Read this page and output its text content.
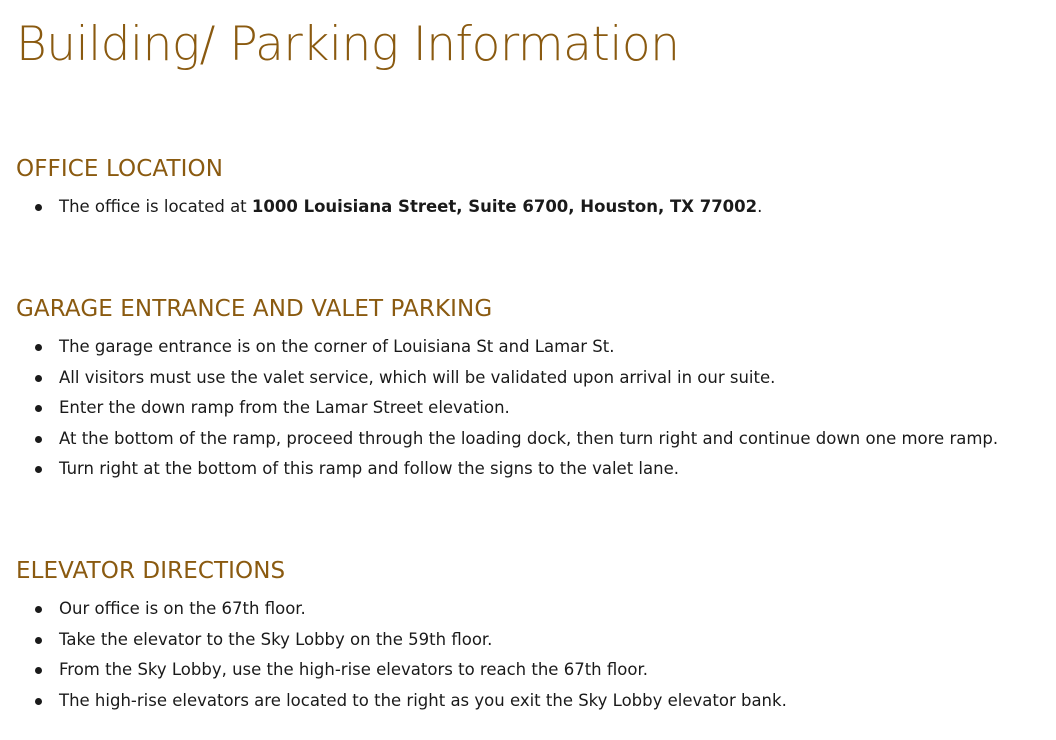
Building/ Parking Information
OFFICE LOCATION
The office is located at 1000 Louisiana Street, Suite 6700, Houston, TX 77002.
GARAGE ENTRANCE AND VALET PARKING
The garage entrance is on the corner of Louisiana St and Lamar St.
All visitors must use the valet service, which will be validated upon arrival in our suite.
Enter the down ramp from the Lamar Street elevation.
At the bottom of the ramp, proceed through the loading dock, then turn right and continue down one more ramp.
Turn right at the bottom of this ramp and follow the signs to the valet lane.
ELEVATOR DIRECTIONS
Our office is on the 67th floor.
Take the elevator to the Sky Lobby on the 59th floor.
From the Sky Lobby, use the high-rise elevators to reach the 67th floor.
The high-rise elevators are located to the right as you exit the Sky Lobby elevator bank.
